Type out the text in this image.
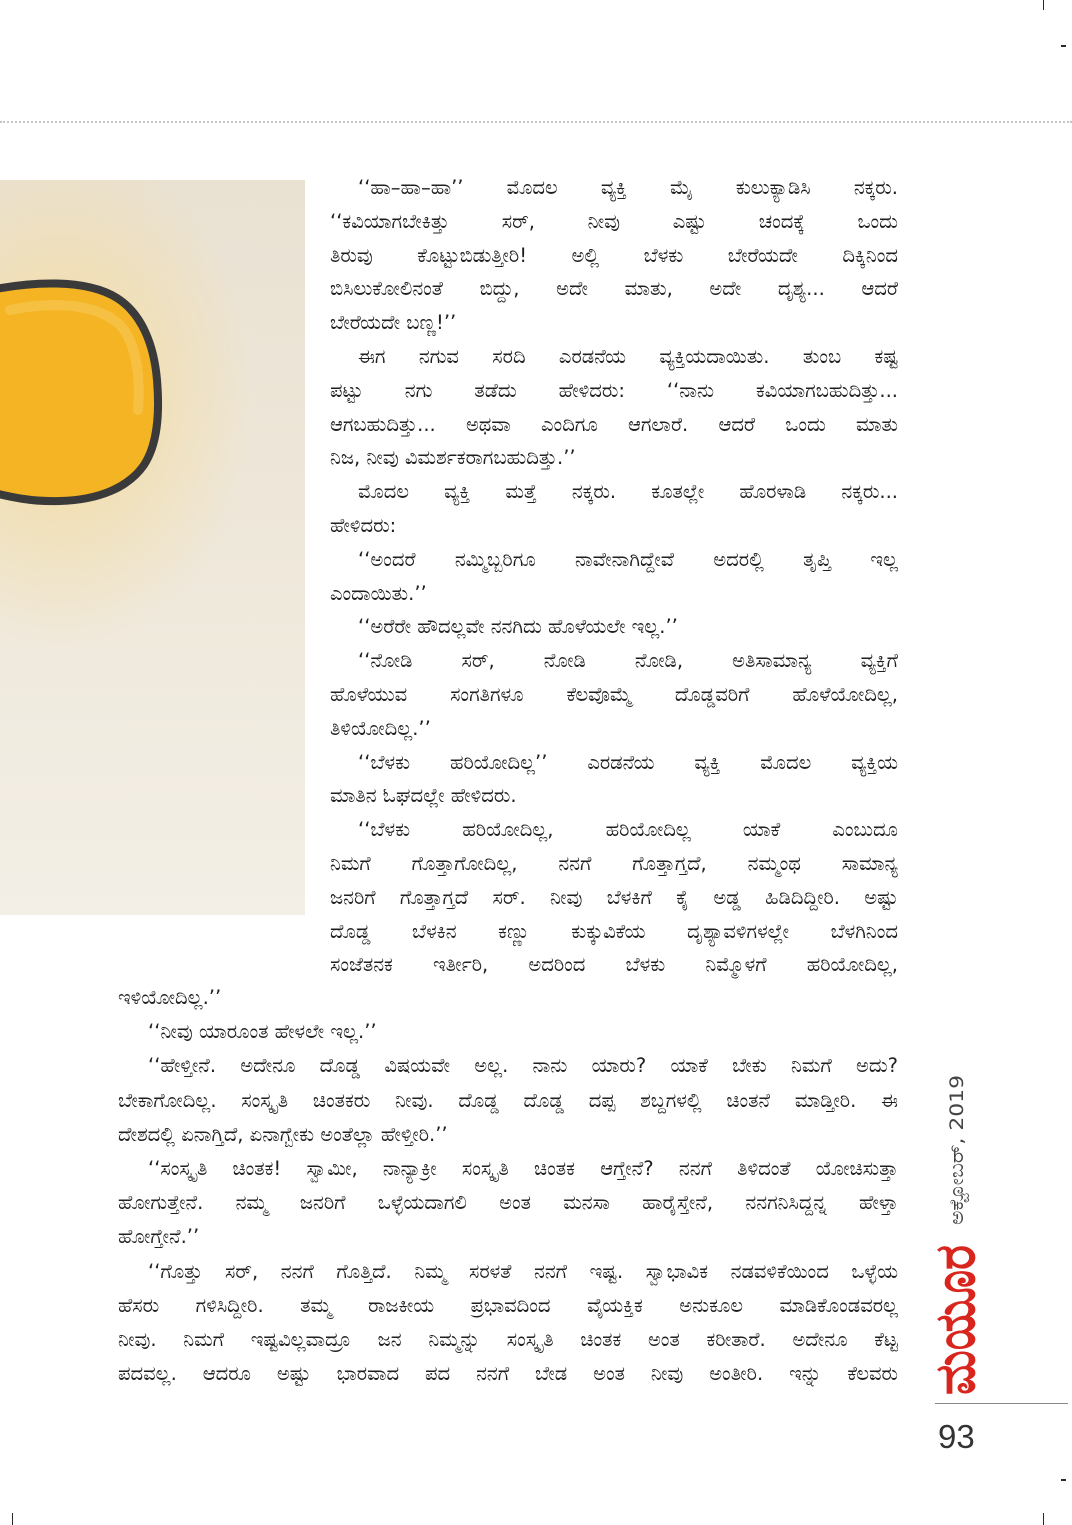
‘‘ಹಾ–ಹಾ–ಹಾ’’ ಮೊದಲ ವ್ಯಕ್ತಿ ಮೈ ಕುಲುಕ್ಯಾಡಿಸಿ ನಕ್ಕರು.
‘‘ಕವಿಯಾಗಬೇಕಿತ್ತು ಸರ್, ನೀವು ಎಷ್ಟು ಚಂದಕ್ಕೆ ಒಂದು
ತಿರುವು ಕೊಟ್ಟುಬಿಡುತ್ತೀರಿ! ಅಲ್ಲಿ ಬೆಳಕು ಬೇರೆಯದೇ ದಿಕ್ಕಿನಿಂದ
ಬಿಸಿಲುಕೋಲಿನಂತೆ ಬಿದ್ದು, ಅದೇ ಮಾತು, ಅದೇ ದೃಶ್ಯ... ಆದರೆ
ಬೇರೆಯದೇ ಬಣ್ಣ!’’
ಈಗ ನಗುವ ಸರದಿ ಎರಡನೆಯ ವ್ಯಕ್ತಿಯದಾಯಿತು. ತುಂಬ ಕಷ್ಟ
ಪಟ್ಟು ನಗು ತಡೆದು ಹೇಳಿದರು: ‘‘ನಾನು ಕವಿಯಾಗಬಹುದಿತ್ತು...
ಆಗಬಹುದಿತ್ತು... ಅಥವಾ ಎಂದಿಗೂ ಆಗಲಾರೆ. ಆದರೆ ಒಂದು ಮಾತು
ನಿಜ, ನೀವು ವಿಮರ್ಶಕರಾಗಬಹುದಿತ್ತು.’’
ಮೊದಲ ವ್ಯಕ್ತಿ ಮತ್ತೆ ನಕ್ಕರು. ಕೂತಲ್ಲೇ ಹೊರಳಾಡಿ ನಕ್ಕರು...
ಹೇಳಿದರು:
‘‘ಅಂದರೆ ನಮ್ಮಿಬ್ಬರಿಗೂ ನಾವೇನಾಗಿದ್ದೇವೆ ಅದರಲ್ಲಿ ತೃಪ್ತಿ ಇಲ್ಲ
ಎಂದಾಯಿತು.’’
‘‘ಅರೆರೇ ಹೌದಲ್ಲವೇ ನನಗಿದು ಹೊಳೆಯಲೇ ಇಲ್ಲ.’’
‘‘ನೋಡಿ ಸರ್, ನೋಡಿ ನೋಡಿ, ಅತಿಸಾಮಾನ್ಯ ವ್ಯಕ್ತಿಗೆ
ಹೊಳೆಯುವ ಸಂಗತಿಗಳೂ ಕೆಲವೊಮ್ಮೆ ದೊಡ್ಡವರಿಗೆ ಹೊಳೆಯೋದಿಲ್ಲ,
ತಿಳಿಯೋದಿಲ್ಲ.’’
‘‘ಬೆಳಕು ಹರಿಯೋದಿಲ್ಲ’’ ಎರಡನೆಯ ವ್ಯಕ್ತಿ ಮೊದಲ ವ್ಯಕ್ತಿಯ
ಮಾತಿನ ಓಘದಲ್ಲೇ ಹೇಳಿದರು.
‘‘ಬೆಳಕು ಹರಿಯೋದಿಲ್ಲ, ಹರಿಯೋದಿಲ್ಲ ಯಾಕೆ ಎಂಬುದೂ
ನಿಮಗೆ ಗೊತ್ತಾಗೋದಿಲ್ಲ, ನನಗೆ ಗೊತ್ತಾಗ್ತದೆ, ನಮ್ಮಂಥ ಸಾಮಾನ್ಯ
ಜನರಿಗೆ ಗೊತ್ತಾಗ್ತದೆ ಸರ್. ನೀವು ಬೆಳಕಿಗೆ ಕೈ ಅಡ್ಡ ಹಿಡಿದಿದ್ದೀರಿ. ಅಷ್ಟು
ದೊಡ್ಡ ಬೆಳಕಿನ ಕಣ್ಣು ಕುಕ್ಕುವಿಕೆಯ ದೃಶ್ಯಾವಳಿಗಳಲ್ಲೇ ಬೆಳಗಿನಿಂದ
ಸಂಜೆತನಕ ಇರ್ತೀರಿ, ಅದರಿಂದ ಬೆಳಕು ನಿಮ್ಮೊಳಗೆ ಹರಿಯೋದಿಲ್ಲ,
ಇಳಿಯೋದಿಲ್ಲ.’’
‘‘ನೀವು ಯಾರೂಂತ ಹೇಳಲೇ ಇಲ್ಲ.’’
‘‘ಹೇಳ್ತೀನೆ. ಅದೇನೂ ದೊಡ್ಡ ವಿಷಯವೇ ಅಲ್ಲ. ನಾನು ಯಾರು? ಯಾಕೆ ಬೇಕು ನಿಮಗೆ ಅದು?
ಬೇಕಾಗೋದಿಲ್ಲ. ಸಂಸ್ಕೃತಿ ಚಿಂತಕರು ನೀವು. ದೊಡ್ಡ ದೊಡ್ಡ ದಪ್ಪ ಶಬ್ದಗಳಲ್ಲಿ ಚಿಂತನೆ ಮಾಡ್ತೀರಿ. ಈ
ದೇಶದಲ್ಲಿ ಏನಾಗ್ತಿದೆ, ಏನಾಗ್ಬೇಕು ಅಂತೆಲ್ಲಾ ಹೇಳ್ತೀರಿ.’’
‘‘ಸಂಸ್ಕೃತಿ ಚಿಂತಕ! ಸ್ವಾಮೀ, ನಾನ್ಯಾಕ್ರೀ ಸಂಸ್ಕೃತಿ ಚಿಂತಕ ಆಗ್ತೇನೆ? ನನಗೆ ತಿಳಿದಂತೆ ಯೋಚಿಸುತ್ತಾ
ಹೋಗುತ್ತೇನೆ. ನಮ್ಮ ಜನರಿಗೆ ಒಳ್ಳೆಯದಾಗಲಿ ಅಂತ ಮನಸಾ ಹಾರೈಸ್ತೇನೆ, ನನಗನಿಸಿದ್ದನ್ನ ಹೇಳ್ತಾ
ಹೋಗ್ತೇನೆ.’’
‘‘ಗೊತ್ತು ಸರ್, ನನಗೆ ಗೊತ್ತಿದೆ. ನಿಮ್ಮ ಸರಳತೆ ನನಗೆ ಇಷ್ಟ. ಸ್ವಾಭಾವಿಕ ನಡವಳಿಕೆಯಿಂದ ಒಳ್ಳೆಯ
ಹೆಸರು ಗಳಿಸಿದ್ದೀರಿ. ತಮ್ಮ ರಾಜಕೀಯ ಪ್ರಭಾವದಿಂದ ವೈಯಕ್ತಿಕ ಅನುಕೂಲ ಮಾಡಿಕೊಂಡವರಲ್ಲ
ನೀವು. ನಿಮಗೆ ಇಷ್ಟವಿಲ್ಲವಾದ್ರೂ ಜನ ನಿಮ್ಮನ್ನು ಸಂಸ್ಕೃತಿ ಚಿಂತಕ ಅಂತ ಕರೀತಾರೆ. ಅದೇನೂ ಕೆಟ್ಟ
ಪದವಲ್ಲ. ಆದರೂ ಅಷ್ಟು ಭಾರವಾದ ಪದ ನನಗೆ ಬೇಡ ಅಂತ ನೀವು ಅಂತೀರಿ. ಇನ್ನು ಕೆಲವರು
ಅಕ್ಟೋಬರ್, 2019
ಮಯೂರ
93
